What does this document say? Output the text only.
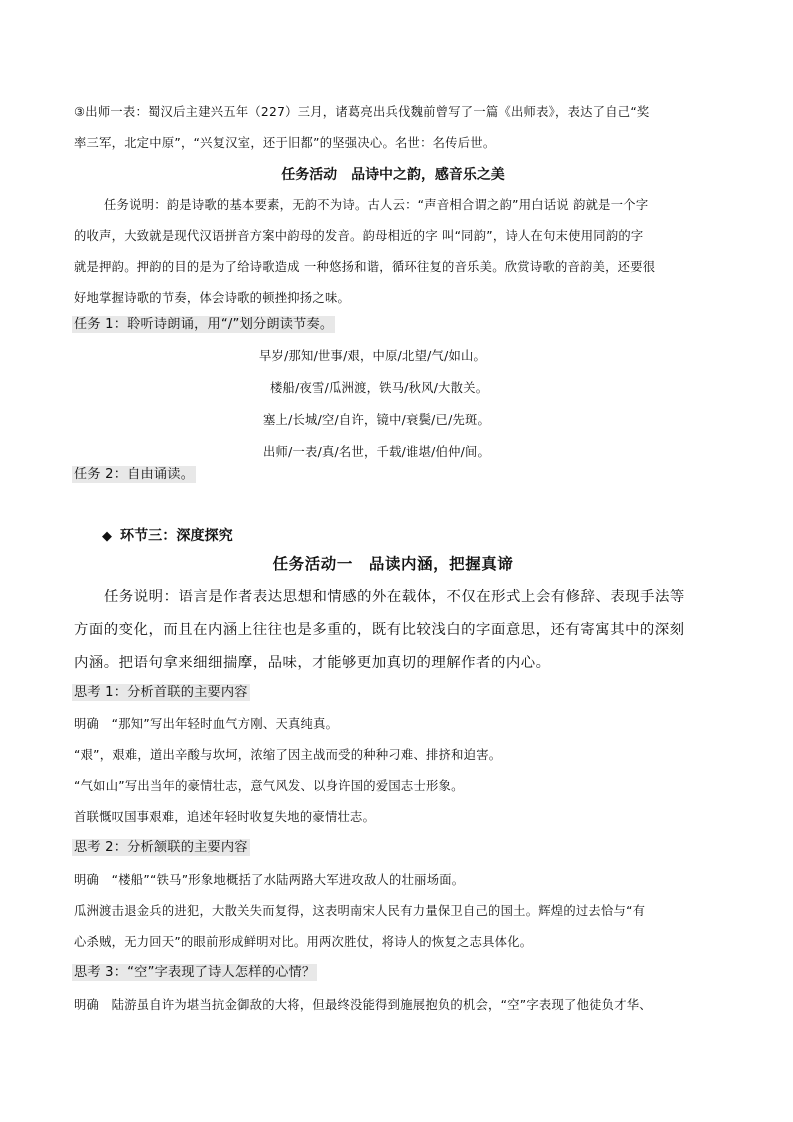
③出师一表：蜀汉后主建兴五年（227）三月，诸葛亮出兵伐魏前曾写了一篇《出师表》，表达了自己“奖
率三军，北定中原”，“兴复汉室，还于旧都”的坚强决心。名世：名传后世。
任务活动　品诗中之韵，感音乐之美
任务说明：韵是诗歌的基本要素，无韵不为诗。古人云：“声音相合谓之韵”用白话说 韵就是一个字
的收声，大致就是现代汉语拼音方案中韵母的发音。韵母相近的字 叫“同韵”，诗人在句末使用同韵的字
就是押韵。押韵的目的是为了给诗歌造成 一种悠扬和谐，循环往复的音乐美。欣赏诗歌的音韵美，还要很
好地掌握诗歌的节奏，体会诗歌的顿挫抑扬之味。
任务 1：聆听诗朗诵，用“/”划分朗读节奏。
早岁/那知/世事/艰，中原/北望/气/如山。
楼船/夜雪/瓜洲渡，铁马/秋风/大散关。
塞上/长城/空/自许，镜中/衰鬓/已/先斑。
出师/一表/真/名世，千载/谁堪/伯仲/间。
任务 2：自由诵读。
◆ 环节三：深度探究
任务活动一　品读内涵，把握真谛
任务说明：语言是作者表达思想和情感的外在载体，不仅在形式上会有修辞、表现手法等
方面的变化，而且在内涵上往往也是多重的，既有比较浅白的字面意思，还有寄寓其中的深刻
内涵。把语句拿来细细揣摩，品味，才能够更加真切的理解作者的内心。
思考 1：分析首联的主要内容
明确　“那知”写出年轻时血气方刚、天真纯真。
“艰”，艰难，道出辛酸与坎坷，浓缩了因主战而受的种种刁难、排挤和迫害。
“气如山”写出当年的豪情壮志，意气风发、以身许国的爱国志士形象。
首联慨叹国事艰难，追述年轻时收复失地的豪情壮志。
思考 2：分析颔联的主要内容
明确　“楼船”“铁马”形象地概括了水陆两路大军进攻敌人的壮丽场面。
瓜洲渡击退金兵的进犯，大散关失而复得，这表明南宋人民有力量保卫自己的国土。辉煌的过去恰与“有
心杀贼，无力回天”的眼前形成鲜明对比。用两次胜仗，将诗人的恢复之志具体化。
思考 3：“空”字表现了诗人怎样的心情？
明确　陆游虽自许为堪当抗金御敌的大将，但最终没能得到施展抱负的机会，“空”字表现了他徒负才华、
